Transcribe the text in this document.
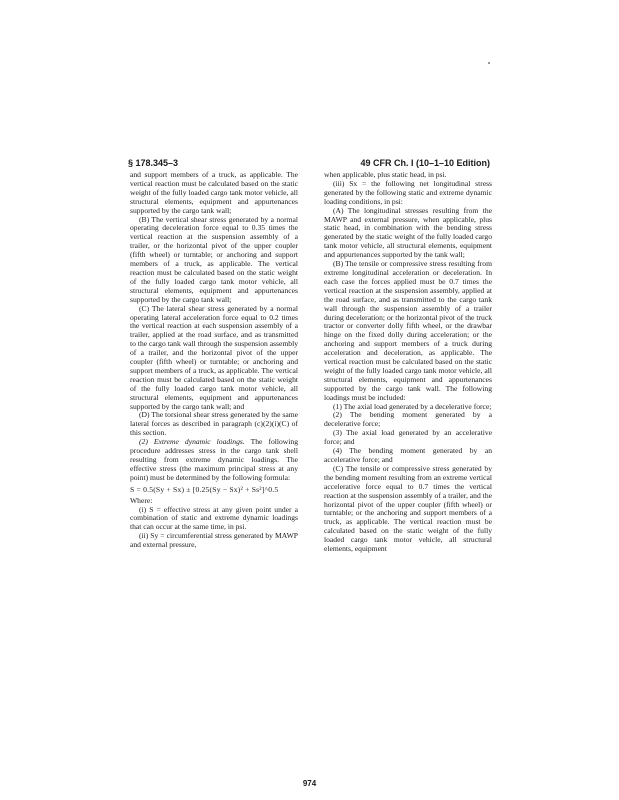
§ 178.345–3	49 CFR Ch. I (10–1–10 Edition)

and support members of a truck, as applicable. The vertical reaction must be calculated based on the static weight of the fully loaded cargo tank motor vehicle, all structural elements, equipment and appurtenances supported by the cargo tank wall;

(B) The vertical shear stress generated by a normal operating deceleration force equal to 0.35 times the vertical reaction at the suspension assembly of a trailer, or the horizontal pivot of the upper coupler (fifth wheel) or turntable; or anchoring and support members of a truck, as applicable. The vertical reaction must be calculated based on the static weight of the fully loaded cargo tank motor vehicle, all structural elements, equipment and appurtenances supported by the cargo tank wall;

(C) The lateral shear stress generated by a normal operating lateral acceleration force equal to 0.2 times the vertical reaction at each suspension assembly of a trailer, applied at the road surface, and as transmitted to the cargo tank wall through the suspension assembly of a trailer, and the horizontal pivot of the upper coupler (fifth wheel) or turntable; or anchoring and support members of a truck, as applicable. The vertical reaction must be calculated based on the static weight of the fully loaded cargo tank motor vehicle, all structural elements, equipment and appurtenances supported by the cargo tank wall; and

(D) The torsional shear stress generated by the same lateral forces as described in paragraph (c)(2)(i)(C) of this section.

(2) Extreme dynamic loadings. The following procedure addresses stress in the cargo tank shell resulting from extreme dynamic loadings. The effective stress (the maximum principal stress at any point) must be determined by the following formula:

S = 0.5(Sy + Sx) ± [0.25(Sy − Sx)² + Ss²]^0.5

Where:

(i) S = effective stress at any given point under a combination of static and extreme dynamic loadings that can occur at the same time, in psi.

(ii) Sy = circumferential stress generated by MAWP and external pressure,

when applicable, plus static head, in psi.

(iii) Sx = the following net longitudinal stress generated by the following static and extreme dynamic loading conditions, in psi:

(A) The longitudinal stresses resulting from the MAWP and external pressure, when applicable, plus static head, in combination with the bending stress generated by the static weight of the fully loaded cargo tank motor vehicle, all structural elements, equipment and appurtenances supported by the tank wall;

(B) The tensile or compressive stress resulting from extreme longitudinal acceleration or deceleration. In each case the forces applied must be 0.7 times the vertical reaction at the suspension assembly, applied at the road surface, and as transmitted to the cargo tank wall through the suspension assembly of a trailer during deceleration; or the horizontal pivot of the truck tractor or converter dolly fifth wheel, or the drawbar hinge on the fixed dolly during acceleration; or the anchoring and support members of a truck during acceleration and deceleration, as applicable. The vertical reaction must be calculated based on the static weight of the fully loaded cargo tank motor vehicle, all structural elements, equipment and appurtenances supported by the cargo tank wall. The following loadings must be included:

(1) The axial load generated by a decelerative force;

(2) The bending moment generated by a decelerative force;

(3) The axial load generated by an accelerative force; and

(4) The bending moment generated by an accelerative force; and

(C) The tensile or compressive stress generated by the bending moment resulting from an extreme vertical accelerative force equal to 0.7 times the vertical reaction at the suspension assembly of a trailer, and the horizontal pivot of the upper coupler (fifth wheel) or turntable; or the anchoring and support members of a truck, as applicable. The vertical reaction must be calculated based on the static weight of the fully loaded cargo tank motor vehicle, all structural elements, equipment

974
